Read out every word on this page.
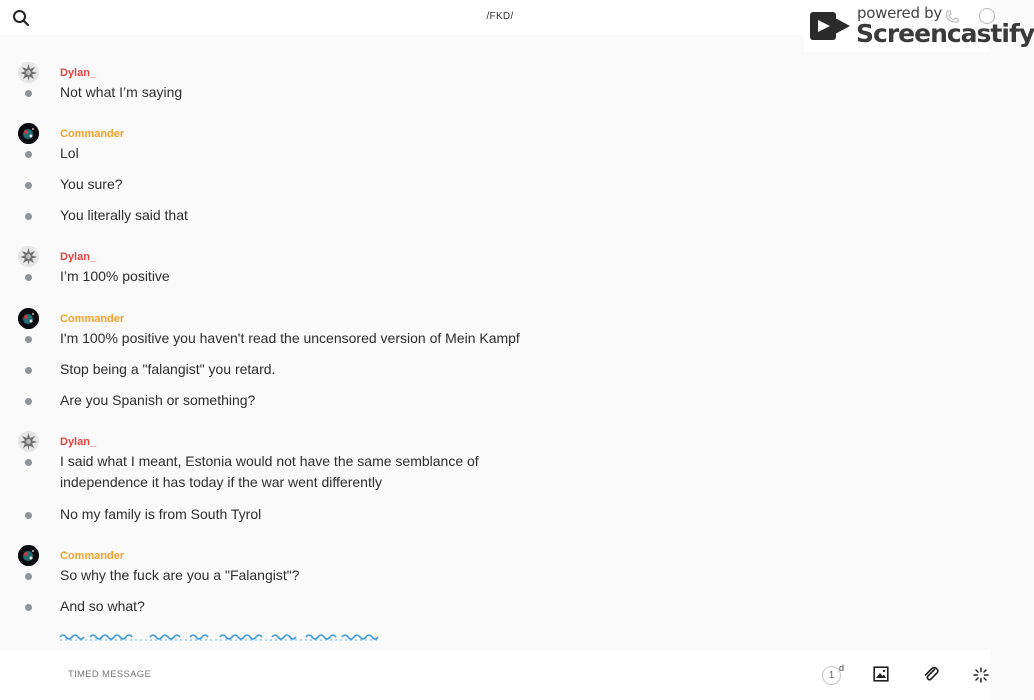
Dylan_
Not what I’m saying
Commander
Lol
You sure?
You literally said that
Dylan_
I’m 100% positive
Commander
I'm 100% positive you haven't read the uncensored version of Mein Kampf
Stop being a "falangist" you retard.
Are you Spanish or something?
Dylan_
I said what I meant, Estonia would not have the same semblance of
independence it has today if the war went differently
No my family is from South Tyrol
Commander
So why the fuck are you a "Falangist"?
And so what?
/FKD/	powered by
Screencastify
TIMED MESSAGE
1
d
